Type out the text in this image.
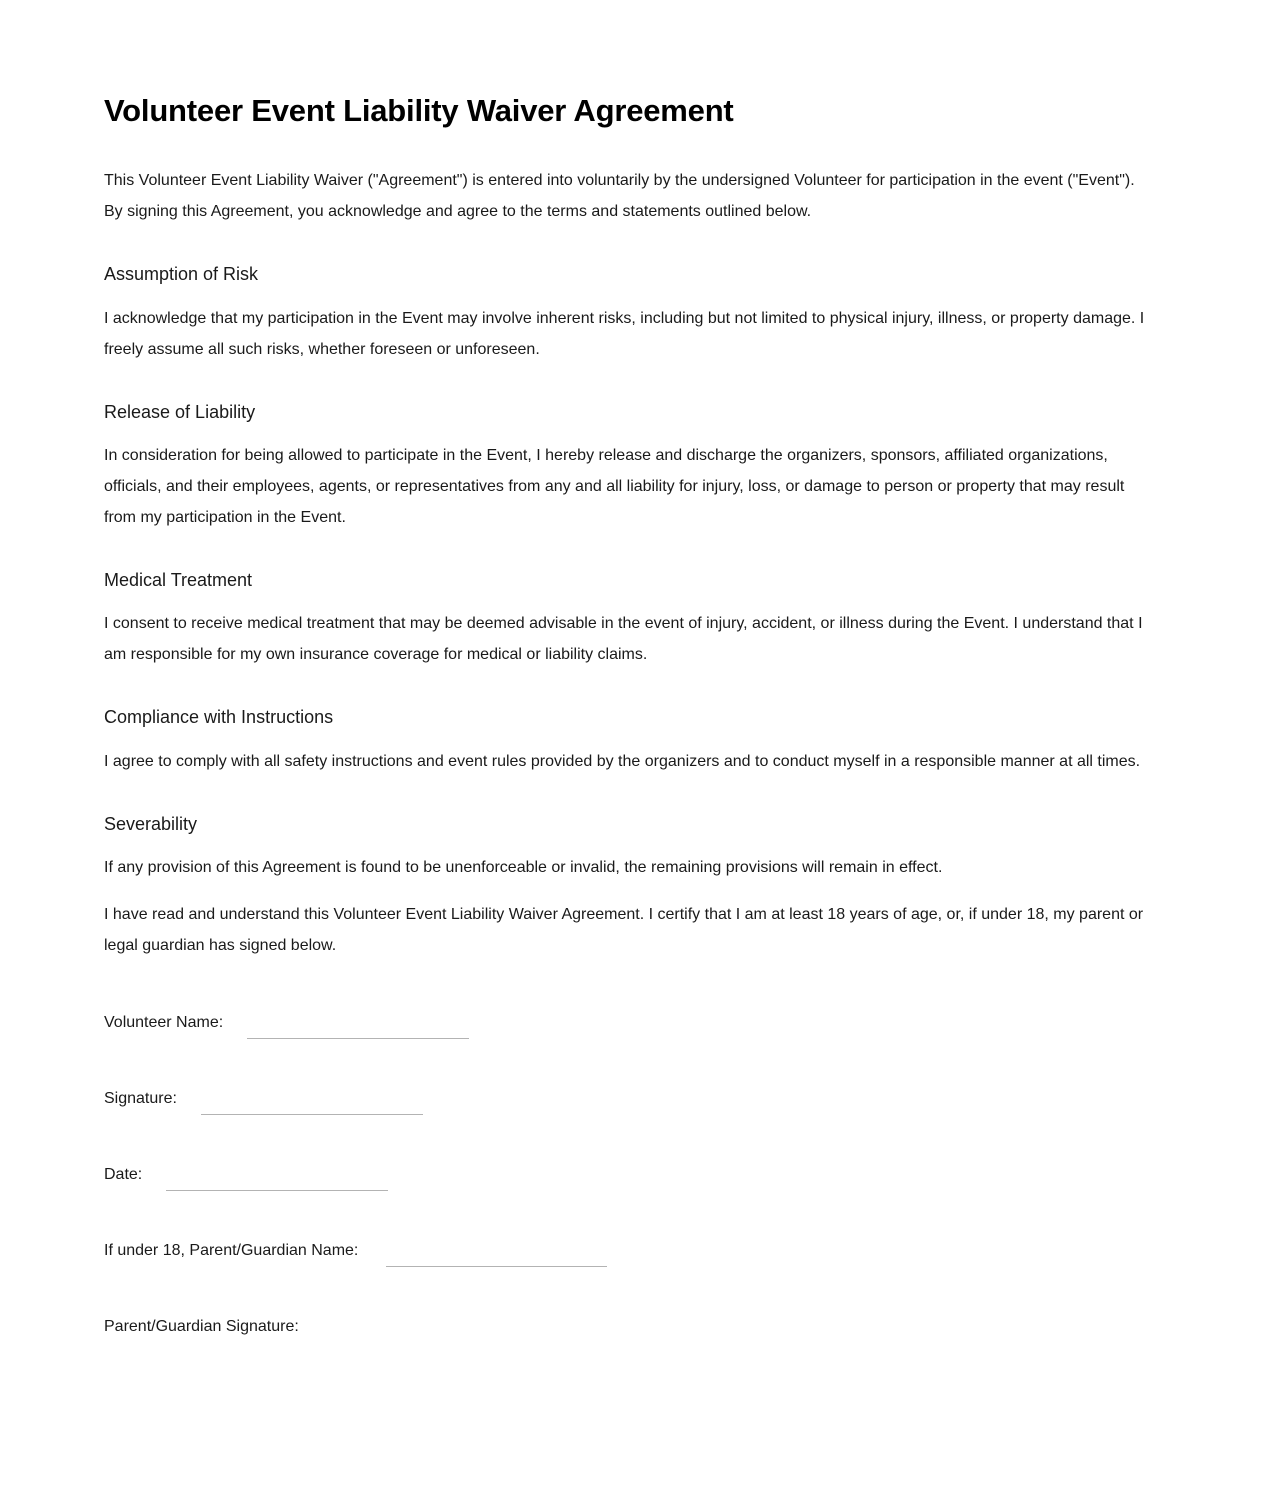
Volunteer Event Liability Waiver Agreement

This Volunteer Event Liability Waiver ("Agreement") is entered into voluntarily by the undersigned Volunteer for participation in the event ("Event"). By signing this Agreement, you acknowledge and agree to the terms and statements outlined below.

Assumption of Risk

I acknowledge that my participation in the Event may involve inherent risks, including but not limited to physical injury, illness, or property damage. I freely assume all such risks, whether foreseen or unforeseen.

Release of Liability

In consideration for being allowed to participate in the Event, I hereby release and discharge the organizers, sponsors, affiliated organizations, officials, and their employees, agents, or representatives from any and all liability for injury, loss, or damage to person or property that may result from my participation in the Event.

Medical Treatment

I consent to receive medical treatment that may be deemed advisable in the event of injury, accident, or illness during the Event. I understand that I am responsible for my own insurance coverage for medical or liability claims.

Compliance with Instructions

I agree to comply with all safety instructions and event rules provided by the organizers and to conduct myself in a responsible manner at all times.

Severability

If any provision of this Agreement is found to be unenforceable or invalid, the remaining provisions will remain in effect.

I have read and understand this Volunteer Event Liability Waiver Agreement. I certify that I am at least 18 years of age, or, if under 18, my parent or legal guardian has signed below.

Volunteer Name:
Signature:
Date:
If under 18, Parent/Guardian Name:
Parent/Guardian Signature:
